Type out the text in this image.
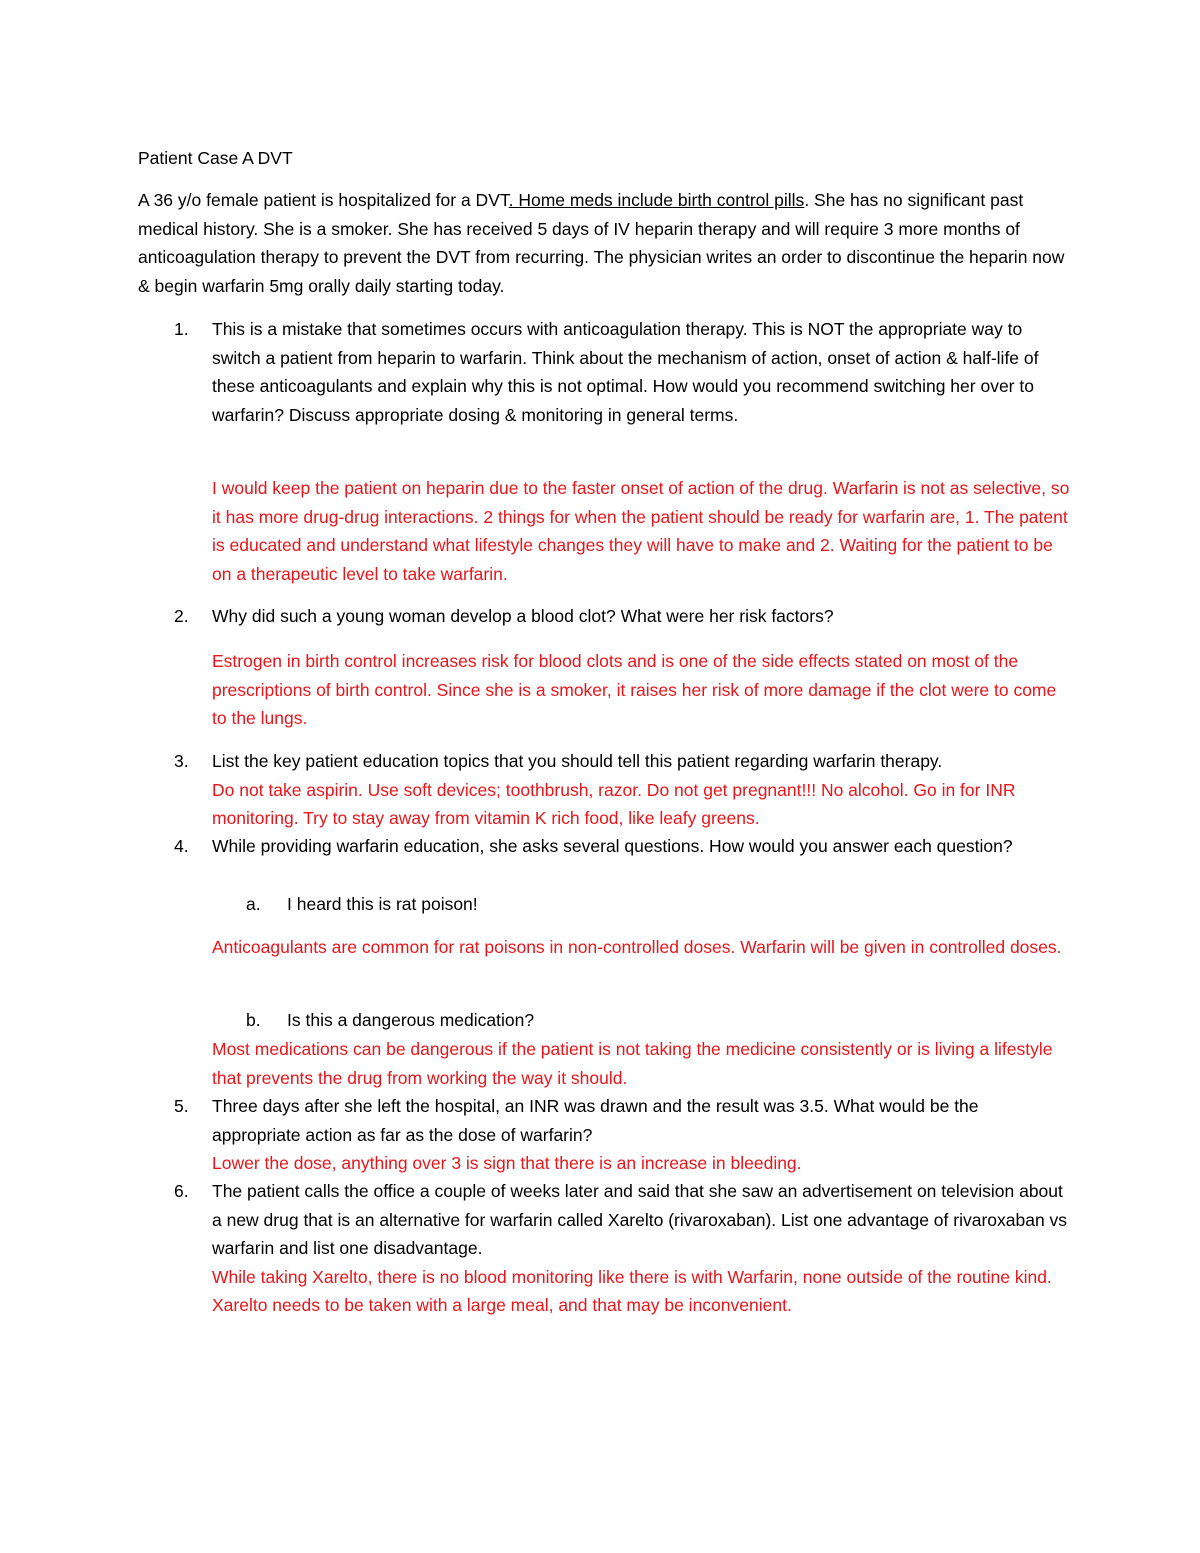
Patient Case A DVT
A 36 y/o female patient is hospitalized for a DVT. Home meds include birth control pills. She has no significant past medical history. She is a smoker. She has received 5 days of IV heparin therapy and will require 3 more months of anticoagulation therapy to prevent the DVT from recurring. The physician writes an order to discontinue the heparin now & begin warfarin 5mg orally daily starting today.
1.	This is a mistake that sometimes occurs with anticoagulation therapy. This is NOT the appropriate way to switch a patient from heparin to warfarin. Think about the mechanism of action, onset of action & half-life of these anticoagulants and explain why this is not optimal. How would you recommend switching her over to warfarin? Discuss appropriate dosing & monitoring in general terms.
I would keep the patient on heparin due to the faster onset of action of the drug. Warfarin is not as selective, so it has more drug-drug interactions. 2 things for when the patient should be ready for warfarin are, 1. The patent is educated and understand what lifestyle changes they will have to make and 2. Waiting for the patient to be on a therapeutic level to take warfarin.
2.	Why did such a young woman develop a blood clot? What were her risk factors?
Estrogen in birth control increases risk for blood clots and is one of the side effects stated on most of the prescriptions of birth control. Since she is a smoker, it raises her risk of more damage if the clot were to come to the lungs.
3.	List the key patient education topics that you should tell this patient regarding warfarin therapy.
Do not take aspirin. Use soft devices; toothbrush, razor. Do not get pregnant!!! No alcohol. Go in for INR monitoring. Try to stay away from vitamin K rich food, like leafy greens.
4.	While providing warfarin education, she asks several questions. How would you answer each question?
a. I heard this is rat poison!
Anticoagulants are common for rat poisons in non-controlled doses. Warfarin will be given in controlled doses.
b. Is this a dangerous medication?
Most medications can be dangerous if the patient is not taking the medicine consistently or is living a lifestyle that prevents the drug from working the way it should.
5.	Three days after she left the hospital, an INR was drawn and the result was 3.5. What would be the appropriate action as far as the dose of warfarin?
Lower the dose, anything over 3 is sign that there is an increase in bleeding.
6.	The patient calls the office a couple of weeks later and said that she saw an advertisement on television about a new drug that is an alternative for warfarin called Xarelto (rivaroxaban). List one advantage of rivaroxaban vs warfarin and list one disadvantage.
While taking Xarelto, there is no blood monitoring like there is with Warfarin, none outside of the routine kind. Xarelto needs to be taken with a large meal, and that may be inconvenient.
